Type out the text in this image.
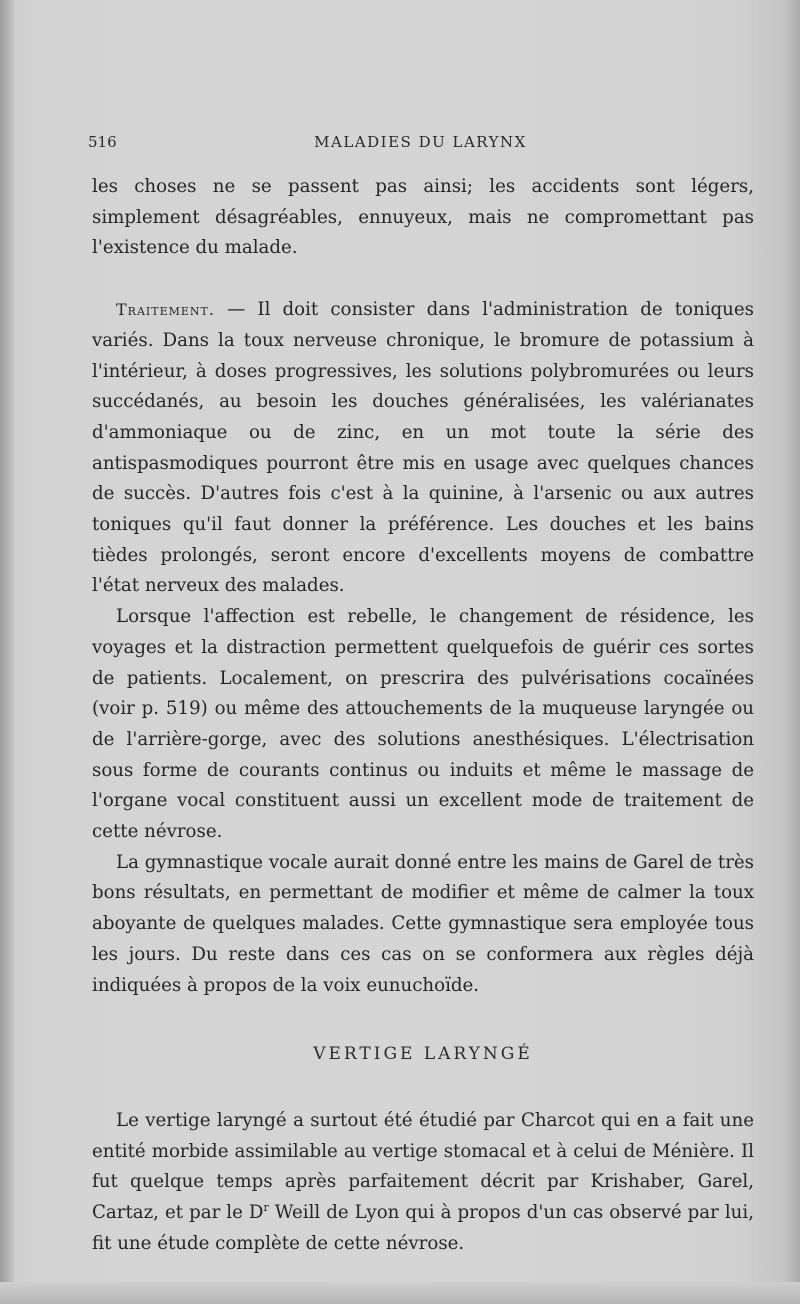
516	MALADIES DU LARYNX

les choses ne se passent pas ainsi; les accidents sont légers, simplement désagréables, ennuyeux, mais ne compromettant pas l'existence du malade.

Traitement. — Il doit consister dans l'administration de toniques variés. Dans la toux nerveuse chronique, le bromure de potassium à l'intérieur, à doses progressives, les solutions polybromurées ou leurs succédanés, au besoin les douches généralisées, les valérianates d'ammoniaque ou de zinc, en un mot toute la série des antispasmodiques pourront être mis en usage avec quelques chances de succès. D'autres fois c'est à la quinine, à l'arsenic ou aux autres toniques qu'il faut donner la préférence. Les douches et les bains tièdes prolongés, seront encore d'excellents moyens de combattre l'état nerveux des malades.

Lorsque l'affection est rebelle, le changement de résidence, les voyages et la distraction permettent quelquefois de guérir ces sortes de patients. Localement, on prescrira des pulvérisations cocaïnées (voir p. 519) ou même des attouchements de la muqueuse laryngée ou de l'arrière-gorge, avec des solutions anesthésiques. L'électrisation sous forme de courants continus ou induits et même le massage de l'organe vocal constituent aussi un excellent mode de traitement de cette névrose.

La gymnastique vocale aurait donné entre les mains de Garel de très bons résultats, en permettant de modifier et même de calmer la toux aboyante de quelques malades. Cette gymnastique sera employée tous les jours. Du reste dans ces cas on se conformera aux règles déjà indiquées à propos de la voix eunuchoïde.

VERTIGE LARYNGÉ

Le vertige laryngé a surtout été étudié par Charcot qui en a fait une entité morbide assimilable au vertige stomacal et à celui de Ménière. Il fut quelque temps après parfaitement décrit par Krishaber, Garel, Cartaz, et par le $D^r$ Weill de Lyon qui à propos d'un cas observé par lui, fit une étude complète de cette névrose.
